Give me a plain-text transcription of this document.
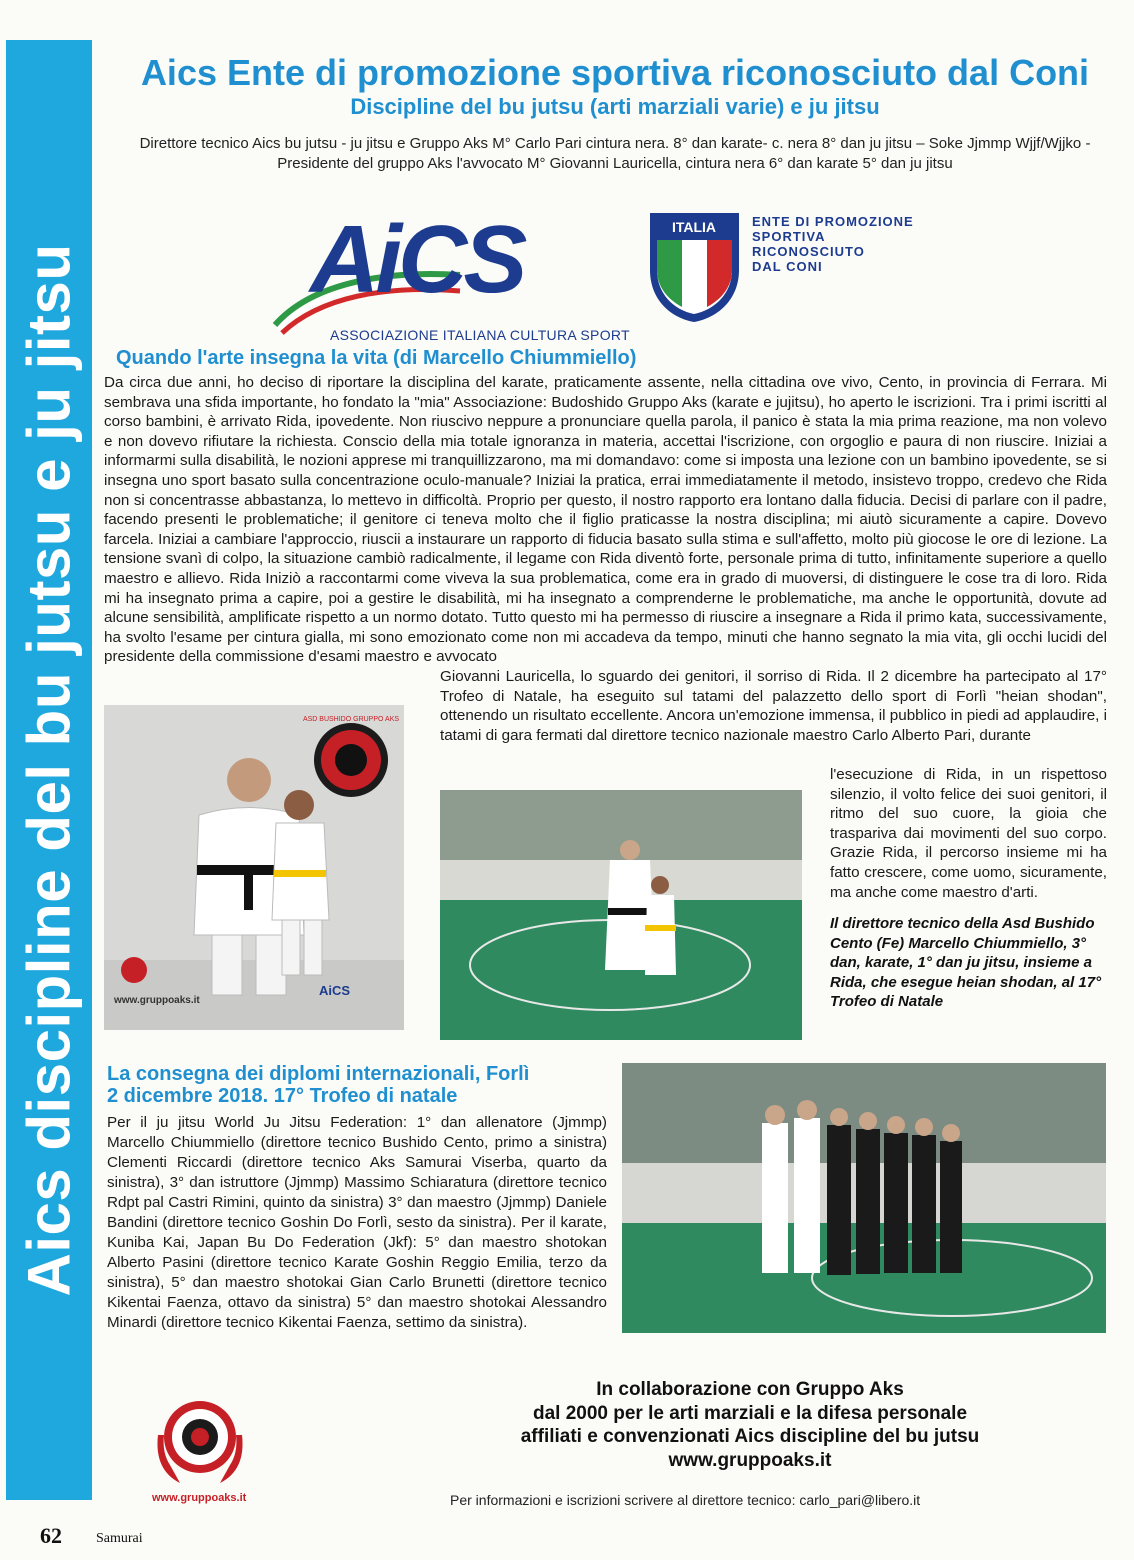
Aics discipline del bu jutsu e ju jitsu
Aics Ente di promozione sportiva riconosciuto dal Coni
Discipline del bu jutsu (arti marziali varie) e ju jitsu
Direttore tecnico Aics bu jutsu - ju jitsu e Gruppo Aks M° Carlo Pari cintura nera. 8° dan karate- c. nera 8° dan ju jitsu – Soke Jjmmp Wjjf/Wjjko -
Presidente del gruppo Aks l'avvocato M° Giovanni Lauricella, cintura nera 6° dan karate 5° dan ju jitsu
AiCS
ASSOCIAZIONE ITALIANA CULTURA SPORT
ITALIA	ENTE DI PROMOZIONE
SPORTIVA
RICONOSCIUTO
DAL CONI
Quando l'arte insegna la vita (di Marcello Chiummiello)
Da circa due anni, ho deciso di riportare la disciplina del karate, praticamente assente, nella cittadina ove vivo, Cento, in provincia di Ferrara. Mi sembrava una sfida importante, ho fondato la "mia" Associazione: Budoshido Gruppo Aks (karate e jujitsu), ho aperto le iscrizioni. Tra i primi iscritti al corso bambini, è arrivato Rida, ipovedente. Non riuscivo neppure a pronunciare quella parola, il panico è stata la mia prima reazione, ma non volevo e non dovevo rifiutare la richiesta. Conscio della mia totale ignoranza in materia, accettai l'iscrizione, con orgoglio e paura di non riuscire. Iniziai a informarmi sulla disabilità, le nozioni apprese mi tranquillizzarono, ma mi domandavo: come si imposta una lezione con un bambino ipovedente, se si insegna uno sport basato sulla concentrazione oculo-manuale? Iniziai la pratica, errai immediatamente il metodo, insistevo troppo, credevo che Rida non si concentrasse abbastanza, lo mettevo in difficoltà. Proprio per questo, il nostro rapporto era lontano dalla fiducia. Decisi di parlare con il padre, facendo presenti le problematiche; il genitore ci teneva molto che il figlio praticasse la nostra disciplina; mi aiutò sicuramente a capire. Dovevo farcela. Iniziai a cambiare l'approccio, riuscii a instaurare un rapporto di fiducia basato sulla stima e sull'affetto, molto più giocose le ore di lezione. La tensione svanì di colpo, la situazione cambiò radicalmente, il legame con Rida diventò forte, personale prima di tutto, infinitamente superiore a quello maestro e allievo. Rida Iniziò a raccontarmi come viveva la sua problematica, come era in grado di muoversi, di distinguere le cose tra di loro. Rida mi ha insegnato prima a capire, poi a gestire le disabilità, mi ha insegnato a comprenderne le problematiche, ma anche le opportunità, dovute ad alcune sensibilità, amplificate rispetto a un normo dotato. Tutto questo mi ha permesso di riuscire a insegnare a Rida il primo kata, successivamente, ha svolto l'esame per cintura gialla, mi sono emozionato come non mi accadeva da tempo, minuti che hanno segnato la mia vita, gli occhi lucidi del presidente della commissione d'esami maestro e avvocato
Giovanni Lauricella, lo sguardo dei genitori, il sorriso di Rida. Il 2 dicembre ha partecipato al 17° Trofeo di Natale, ha eseguito sul tatami del palazzetto dello sport di Forlì "heian shodan", ottenendo un risultato eccellente. Ancora un'emozione immensa, il pubblico in piedi ad applaudire, i tatami di gara fermati dal direttore tecnico nazionale maestro Carlo Alberto Pari, durante
l'esecuzione di Rida, in un rispettoso silenzio, il volto felice dei suoi genitori, il ritmo del suo cuore, la gioia che traspariva dai movimenti del suo corpo. Grazie Rida, il percorso insieme mi ha fatto crescere, come uomo, sicuramente, ma anche come maestro d'arti.
Il direttore tecnico della Asd Bushido Cento (Fe) Marcello Chiummiello, 3° dan, karate, 1° dan ju jitsu, insieme a Rida, che esegue heian shodan, al 17° Trofeo di Natale
ASD BUSHIDO GRUPPO AKS
www.gruppoaks.it
AiCS
La consegna dei diplomi internazionali, Forlì
2 dicembre 2018. 17° Trofeo di natale
Per il ju jitsu World Ju Jitsu Federation: 1° dan allenatore (Jjmmp) Marcello Chiummiello (direttore tecnico Bushido Cento, primo a sinistra) Clementi Riccardi (direttore tecnico Aks Samurai Viserba, quarto da sinistra), 3° dan istruttore (Jjmmp) Massimo Schiaratura (direttore tecnico Rdpt pal Castri Rimini, quinto da sinistra) 3° dan maestro (Jjmmp) Daniele Bandini (direttore tecnico Goshin Do Forlì, sesto da sinistra). Per il karate, Kuniba Kai, Japan Bu Do Federation (Jkf): 5° dan maestro shotokan Alberto Pasini (direttore tecnico Karate Goshin Reggio Emilia, terzo da sinistra), 5° dan maestro shotokai Gian Carlo Brunetti (direttore tecnico Kikentai Faenza, ottavo da sinistra) 5° dan maestro shotokai Alessandro Minardi (direttore tecnico Kikentai Faenza, settimo da sinistra).
In collaborazione con Gruppo Aks
dal 2000 per le arti marziali e la difesa personale
affiliati e convenzionati Aics discipline del bu jutsu
www.gruppoaks.it
www.gruppoaks.it	Per informazioni e iscrizioni scrivere al direttore tecnico: carlo_pari@libero.it
62 Samurai
